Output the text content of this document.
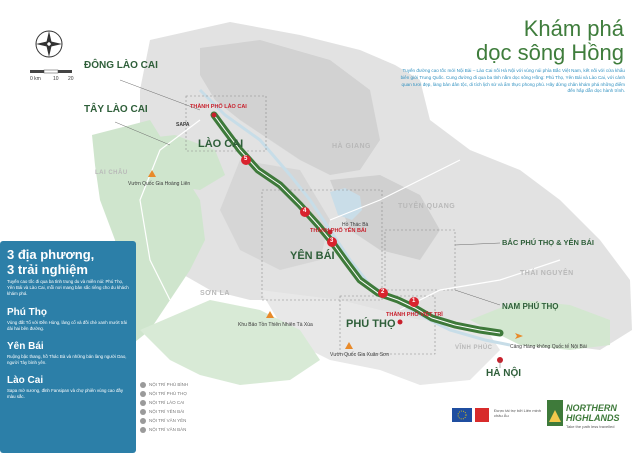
0 km 10 20
Khám phá
dọc sông Hồng
Tuyến đường cao tốc mới Nội Bài – Lào Cai nối Hà Nội với vùng núi phía Bắc Việt Nam, kết nối với cửa khẩu biên giới Trung Quốc. Cung đường đi qua ba tỉnh nằm dọc sông Hồng: Phú Thọ, Yên Bái và Lào Cai, với cảnh quan tươi đẹp, làng bản dân tộc, di tích lịch sử và ẩm thực phong phú. Hãy dừng chân khám phá những điểm đến hấp dẫn dọc hành trình.
ĐÔNG LÀO CAI
TÂY LÀO CAI
LÀO CAI
YÊN BÁI
PHÚ THỌ
BẮC PHÚ THỌ & YÊN BÁI
NAM PHÚ THỌ
HÀ NỘI
SƠN LA
HÀ GIANG
TUYÊN QUANG
THÁI NGUYÊN
LAI CHÂU
VĨNH PHÚC
THÀNH PHỐ LÀO CAI
SAPA
THÀNH PHỐ YÊN BÁI
THÀNH PHỐ VIỆT TRÌ
Hồ Thác Bà
Vườn Quốc Gia Hoàng Liên
Vườn Quốc Gia Xuân Sơn
Cảng Hàng không Quốc tế Nội Bài
Khu Bảo Tồn Thiên Nhiên Tà Xùa
5
4
3
2
1
3 địa phương,
3 trải nghiệm
Tuyến cao tốc đi qua ba tỉnh trung du và miền núi: Phú Thọ, Yên Bái và Lào Cai, mỗi nơi mang bản sắc riêng cho du khách khám phá.
Phú Thọ
Vùng đất Tổ với Đền Hùng, làng cổ và đồi chè xanh mướt trải dài hai bên đường.
Yên Bái
Ruộng bậc thang, hồ Thác Bà và những bản làng người Dao, người Tày bình yên.
Lào Cai
Sapa mờ sương, đỉnh Fansipan và chợ phiên vùng cao đầy màu sắc.
NỘI TRÍ PHÚ BÌNH
NỘI TRÍ PHÚ THỌ
NỘI TRÍ LÀO CAI
NỘI TRÍ YÊN BÁI
NỘI TRÍ VĂN YÊN
NỘI TRÍ VĂN BÀN
Được tài trợ bởi Liên minh châu Âu
NORTHERN
HIGHLANDS
Take the path less travelled
